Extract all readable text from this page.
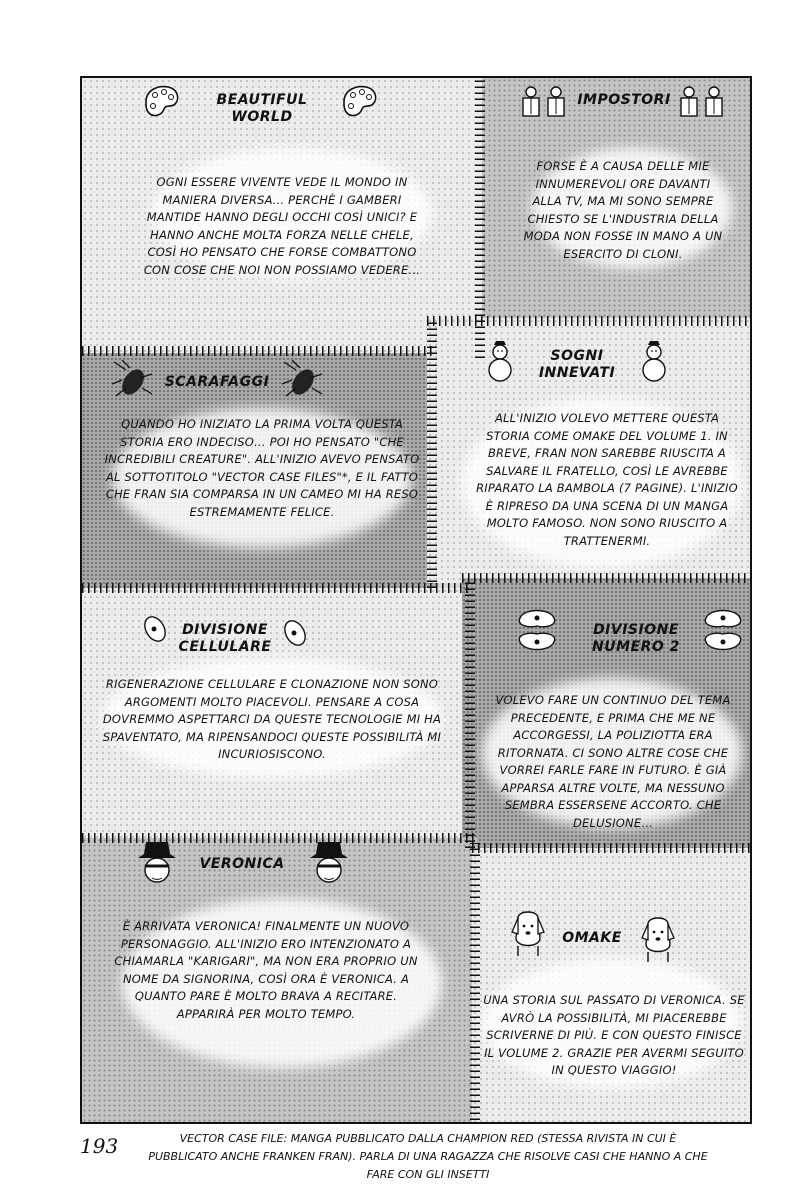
BEAUTIFUL WORLD
OGNI ESSERE VIVENTE VEDE IL MONDO IN MANIERA DIVERSA… PERCHÈ I GAMBERI MANTIDE HANNO DEGLI OCCHI COSÌ UNICI? E HANNO ANCHE MOLTA FORZA NELLE CHELE, COSÌ HO PENSATO CHE FORSE COMBATTONO CON COSE CHE NOI NON POSSIAMO VEDERE…
IMPOSTORI
FORSE È A CAUSA DELLE MIE INNUMEREVOLI ORE DAVANTI ALLA TV, MA MI SONO SEMPRE CHIESTO SE L'INDUSTRIA DELLA MODA NON FOSSE IN MANO A UN ESERCITO DI CLONI.
SCARAFAGGI
QUANDO HO INIZIATO LA PRIMA VOLTA QUESTA STORIA ERO INDECISO… POI HO PENSATO "CHE INCREDIBILI CREATURE". ALL'INIZIO AVEVO PENSATO AL SOTTOTITOLO "VECTOR CASE FILES"*, E IL FATTO CHE FRAN SIA COMPARSA IN UN CAMEO MI HA RESO ESTREMAMENTE FELICE.
SOGNI INNEVATI
ALL'INIZIO VOLEVO METTERE QUESTA STORIA COME OMAKE DEL VOLUME 1. IN BREVE, FRAN NON SAREBBE RIUSCITA A SALVARE IL FRATELLO, COSÌ LE AVREBBE RIPARATO LA BAMBOLA (7 PAGINE). L'INIZIO È RIPRESO DA UNA SCENA DI UN MANGA MOLTO FAMOSO. NON SONO RIUSCITO A TRATTENERMI.
DIVISIONE CELLULARE
RIGENERAZIONE CELLULARE E CLONAZIONE NON SONO ARGOMENTI MOLTO PIACEVOLI. PENSARE A COSA DOVREMMO ASPETTARCI DA QUESTE TECNOLOGIE MI HA SPAVENTATO, MA RIPENSANDOCI QUESTE POSSIBILITÀ MI INCURIOSISCONO.
DIVISIONE NUMERO 2
VOLEVO FARE UN CONTINUO DEL TEMA PRECEDENTE, E PRIMA CHE ME NE ACCORGESSI, LA POLIZIOTTA ERA RITORNATA. CI SONO ALTRE COSE CHE VORREI FARLE FARE IN FUTURO. È GIÀ APPARSA ALTRE VOLTE, MA NESSUNO SEMBRA ESSERSENE ACCORTO. CHE DELUSIONE…
VERONICA
È ARRIVATA VERONICA! FINALMENTE UN NUOVO PERSONAGGIO. ALL'INIZIO ERO INTENZIONATO A CHIAMARLA "KARIGARI", MA NON ERA PROPRIO UN NOME DA SIGNORINA, COSÌ ORA È VERONICA. A QUANTO PARE È MOLTO BRAVA A RECITARE. APPARIRÀ PER MOLTO TEMPO.
OMAKE
UNA STORIA SUL PASSATO DI VERONICA. SE AVRÒ LA POSSIBILITÀ, MI PIACEREBBE SCRIVERNE DI PIÙ. E CON QUESTO FINISCE IL VOLUME 2. GRAZIE PER AVERMI SEGUITO IN QUESTO VIAGGIO!
193	VECTOR CASE FILE: MANGA PUBBLICATO DALLA CHAMPION RED (STESSA RIVISTA IN CUI È PUBBLICATO ANCHE FRANKEN FRAN). PARLA DI UNA RAGAZZA CHE RISOLVE CASI CHE HANNO A CHE FARE CON GLI INSETTI
